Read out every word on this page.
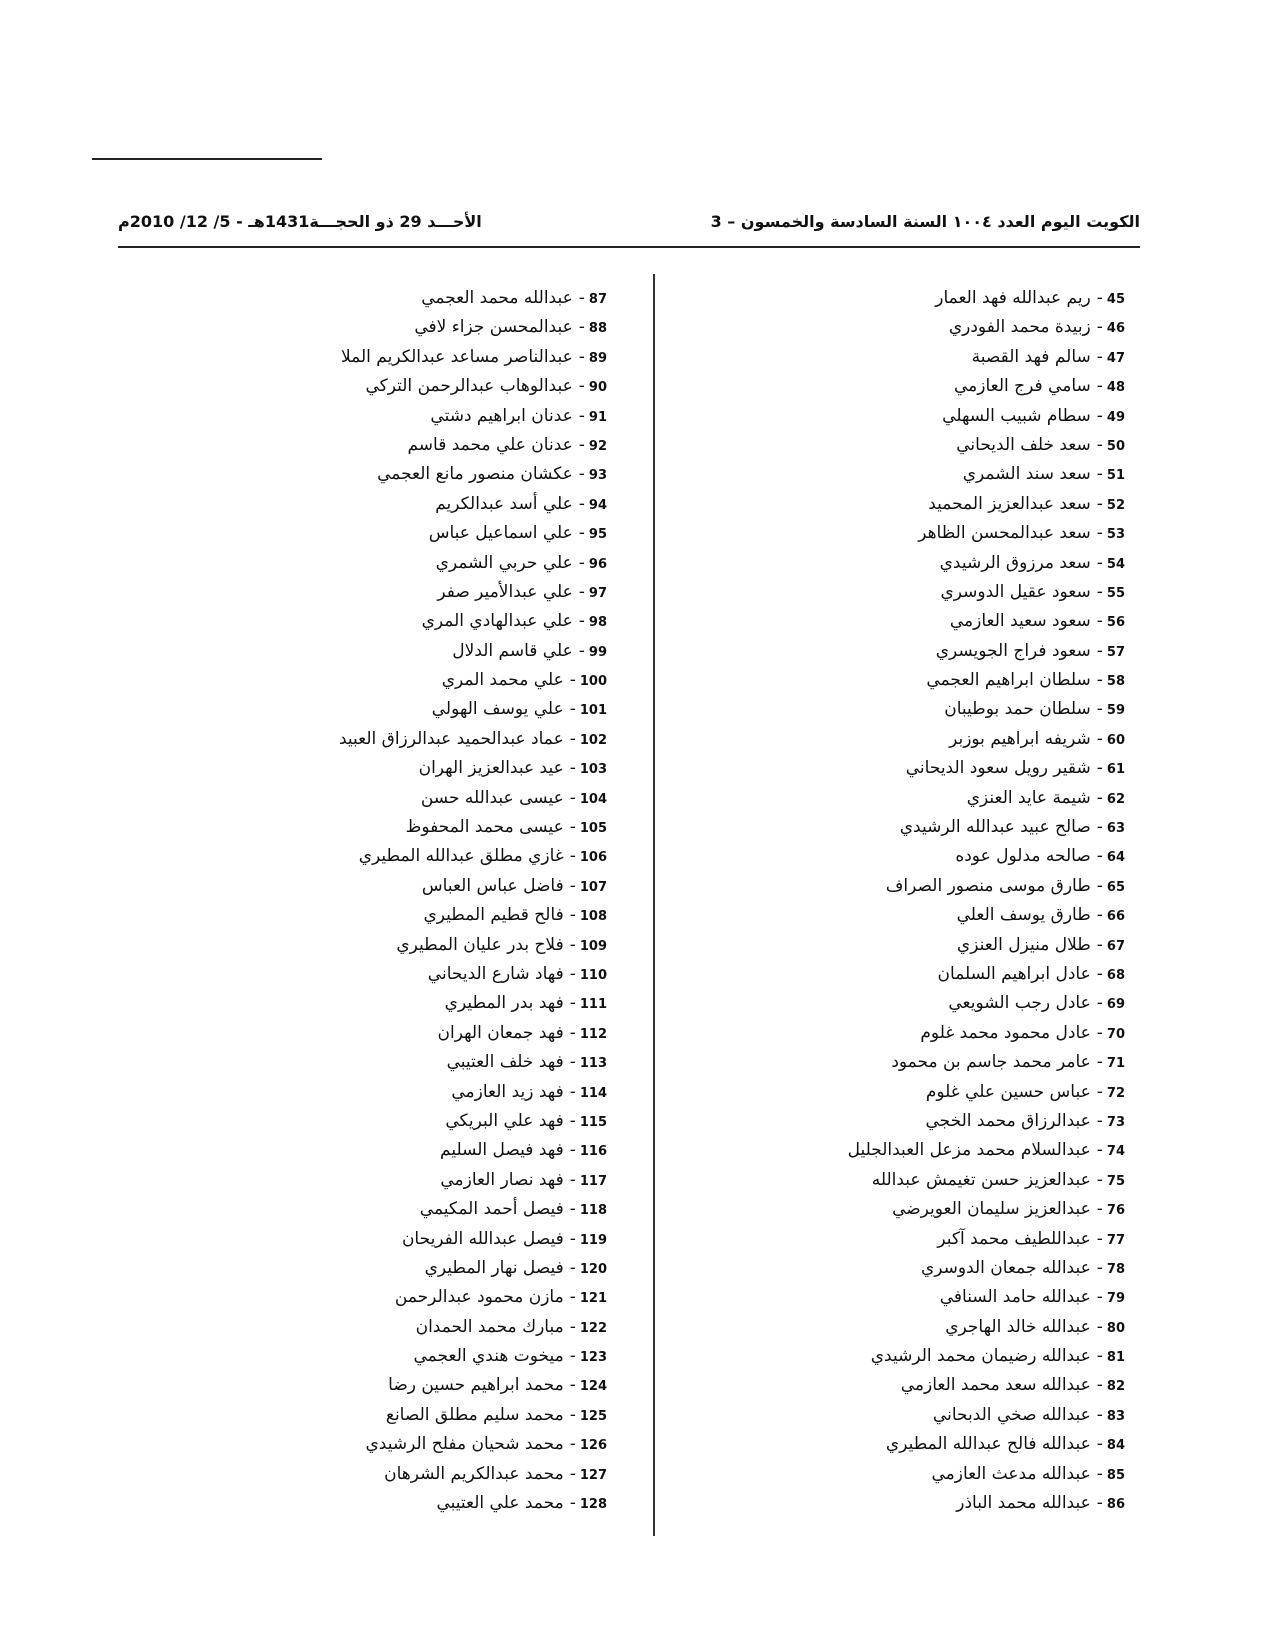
الكويت اليوم العدد ١٠٠٤ السنة السادسة والخمسون – 3
الأحـــد 29 ذو الحجـــة1431هـ - 5/ 12/ 2010م
45-ريم عبدالله فهد العمار
46-زبيدة محمد الفودري
47-سالم فهد القصبة
48-سامي فرج العازمي
49-سطام شبيب السهلي
50-سعد خلف الديحاني
51-سعد سند الشمري
52-سعد عبدالعزيز المحميد
53-سعد عبدالمحسن الظاهر
54-سعد مرزوق الرشيدي
55-سعود عقيل الدوسري
56-سعود سعيد العازمي
57-سعود فراج الجويسري
58-سلطان ابراهيم العجمي
59-سلطان حمد بوطيبان
60-شريفه ابراهيم بوزبر
61-شقير رويل سعود الديحاني
62-شيمة عايد العنزي
63-صالح عبيد عبدالله الرشيدي
64-صالحه مدلول عوده
65-طارق موسى منصور الصراف
66-طارق يوسف العلي
67-طلال منيزل العنزي
68-عادل ابراهيم السلمان
69-عادل رجب الشويعي
70-عادل محمود محمد غلوم
71-عامر محمد جاسم بن محمود
72-عباس حسين علي غلوم
73-عبدالرزاق محمد الخجي
74-عبدالسلام محمد مزعل العبدالجليل
75-عبدالعزيز حسن تغيمش عبدالله
76-عبدالعزيز سليمان العويرضي
77-عبداللطيف محمد آكبر
78-عبدالله جمعان الدوسري
79-عبدالله حامد السنافي
80-عبدالله خالد الهاجري
81-عبدالله رضيمان محمد الرشيدي
82-عبدالله سعد محمد العازمي
83-عبدالله صخي الدبحاني
84-عبدالله فالح عبدالله المطيري
85-عبدالله مدعث العازمي
86-عبدالله محمد الباذر
87-عبدالله محمد العجمي
88-عبدالمحسن جزاء لافي
89-عبدالناصر مساعد عبدالكريم الملا
90-عبدالوهاب عبدالرحمن التركي
91-عدنان ابراهيم دشتي
92-عدنان علي محمد قاسم
93-عكشان منصور مانع العجمي
94-علي أسد عبدالكريم
95-علي اسماعيل عباس
96-علي حربي الشمري
97-علي عبدالأمير صفر
98-علي عبدالهادي المري
99-علي قاسم الدلال
100-علي محمد المري
101-علي يوسف الهولي
102-عماد عبدالحميد عبدالرزاق العبيد
103-عيد عبدالعزيز الهران
104-عيسى عبدالله حسن
105-عيسى محمد المحفوظ
106-غازي مطلق عبدالله المطيري
107-فاضل عباس العباس
108-فالح قطيم المطيري
109-فلاح بدر عليان المطيري
110-فهاد شارع الديحاني
111-فهد بدر المطيري
112-فهد جمعان الهران
113-فهد خلف العتيبي
114-فهد زيد العازمي
115-فهد علي البريكي
116-فهد فيصل السليم
117-فهد نصار العازمي
118-فيصل أحمد المكيمي
119-فيصل عبدالله الفريحان
120-فيصل نهار المطيري
121-مازن محمود عبدالرحمن
122-مبارك محمد الحمدان
123-ميخوت هندي العجمي
124-محمد ابراهيم حسين رضا
125-محمد سليم مطلق الصانع
126-محمد شحيان مفلح الرشيدي
127-محمد عبدالكريم الشرهان
128-محمد علي العتيبي
